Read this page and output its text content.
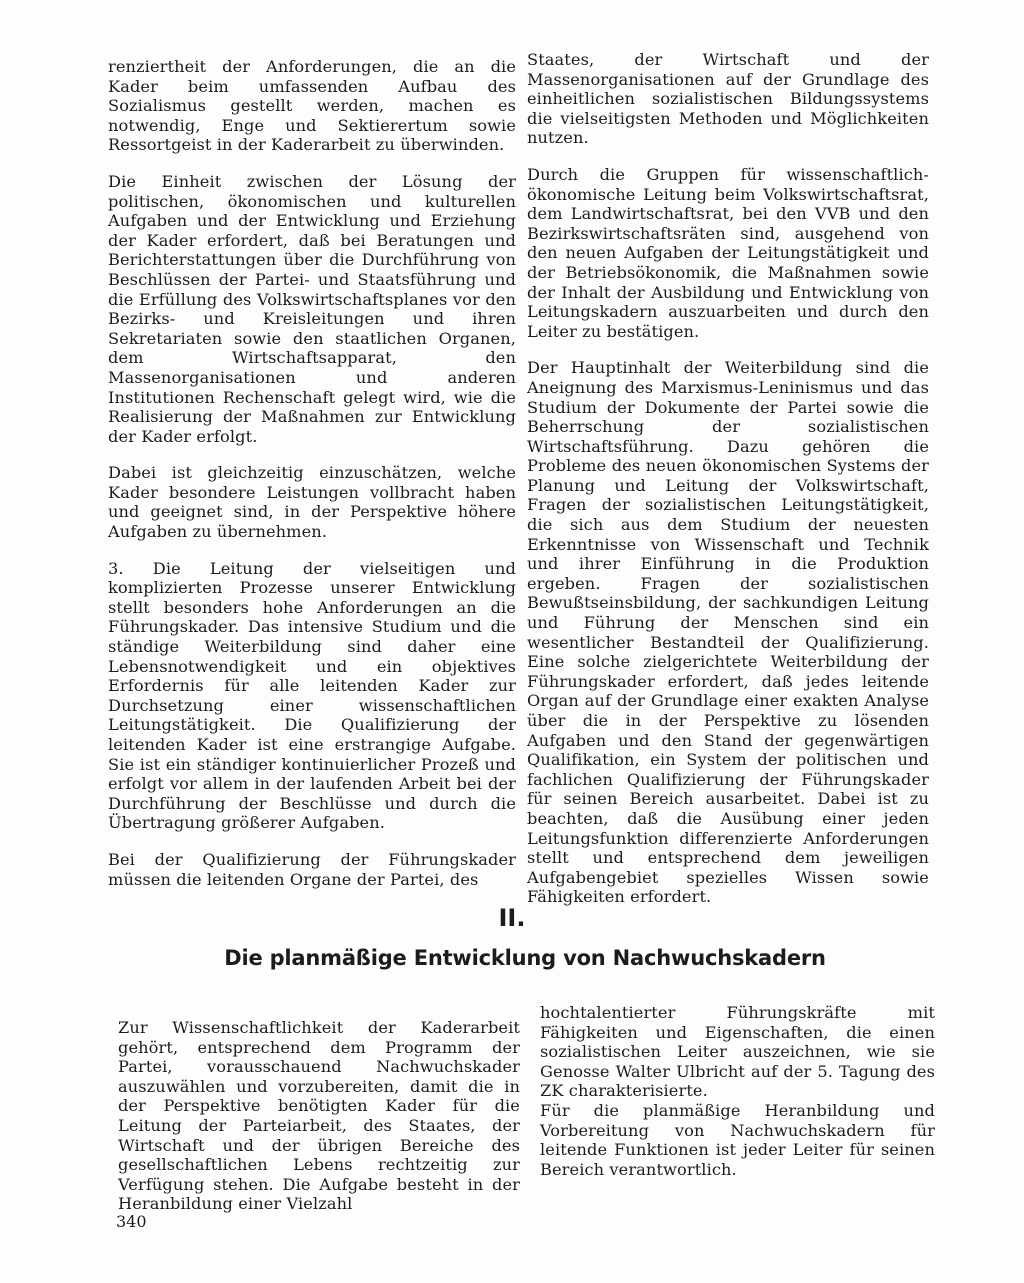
renziertheit der Anforderungen, die an die Kader beim umfassenden Aufbau des Sozialismus gestellt werden, machen es notwendig, Enge und Sektierertum sowie Ressortgeist in der Kaderarbeit zu überwinden.

Die Einheit zwischen der Lösung der politischen, ökonomischen und kulturellen Aufgaben und der Entwicklung und Erziehung der Kader erfordert, daß bei Beratungen und Berichterstattungen über die Durchführung von Beschlüssen der Partei- und Staatsführung und die Erfüllung des Volkswirtschaftsplanes vor den Bezirks- und Kreisleitungen und ihren Sekretariaten sowie den staatlichen Organen, dem Wirtschaftsapparat, den Massenorganisationen und anderen Institutionen Rechenschaft gelegt wird, wie die Realisierung der Maßnahmen zur Entwicklung der Kader erfolgt.

Dabei ist gleichzeitig einzuschätzen, welche Kader besondere Leistungen vollbracht haben und geeignet sind, in der Perspektive höhere Aufgaben zu übernehmen.

3. Die Leitung der vielseitigen und komplizierten Prozesse unserer Entwicklung stellt besonders hohe Anforderungen an die Führungskader. Das intensive Studium und die ständige Weiterbildung sind daher eine Lebensnotwendigkeit und ein objektives Erfordernis für alle leitenden Kader zur Durchsetzung einer wissenschaftlichen Leitungstätigkeit. Die Qualifizierung der leitenden Kader ist eine erstrangige Aufgabe. Sie ist ein ständiger kontinuierlicher Prozeß und erfolgt vor allem in der laufenden Arbeit bei der Durchführung der Beschlüsse und durch die Übertragung größerer Aufgaben.

Bei der Qualifizierung der Führungskader müssen die leitenden Organe der Partei, des

Staates, der Wirtschaft und der Massenorganisationen auf der Grundlage des einheitlichen sozialistischen Bildungssystems die vielseitigsten Methoden und Möglichkeiten nutzen.

Durch die Gruppen für wissenschaftlich-ökonomische Leitung beim Volkswirtschaftsrat, dem Landwirtschaftsrat, bei den VVB und den Bezirkswirtschaftsräten sind, ausgehend von den neuen Aufgaben der Leitungstätigkeit und der Betriebsökonomik, die Maßnahmen sowie der Inhalt der Ausbildung und Entwicklung von Leitungskadern auszuarbeiten und durch den Leiter zu bestätigen.

Der Hauptinhalt der Weiterbildung sind die Aneignung des Marxismus-Leninismus und das Studium der Dokumente der Partei sowie die Beherrschung der sozialistischen Wirtschaftsführung. Dazu gehören die Probleme des neuen ökonomischen Systems der Planung und Leitung der Volkswirtschaft, Fragen der sozialistischen Leitungstätigkeit, die sich aus dem Studium der neuesten Erkenntnisse von Wissenschaft und Technik und ihrer Einführung in die Produktion ergeben. Fragen der sozialistischen Bewußtseinsbildung, der sachkundigen Leitung und Führung der Menschen sind ein wesentlicher Bestandteil der Qualifizierung. Eine solche zielgerichtete Weiterbildung der Führungskader erfordert, daß jedes leitende Organ auf der Grundlage einer exakten Analyse über die in der Perspektive zu lösenden Aufgaben und den Stand der gegenwärtigen Qualifikation, ein System der politischen und fachlichen Qualifizierung der Führungskader für seinen Bereich ausarbeitet. Dabei ist zu beachten, daß die Ausübung einer jeden Leitungsfunktion differenzierte Anforderungen stellt und entsprechend dem jeweiligen Aufgabengebiet spezielles Wissen sowie Fähigkeiten erfordert.

II.
Die planmäßige Entwicklung von Nachwuchskadern

Zur Wissenschaftlichkeit der Kaderarbeit gehört, entsprechend dem Programm der Partei, vorausschauend Nachwuchskader auszuwählen und vorzubereiten, damit die in der Perspektive benötigten Kader für die Leitung der Parteiarbeit, des Staates, der Wirtschaft und der übrigen Bereiche des gesellschaftlichen Lebens rechtzeitig zur Verfügung stehen. Die Aufgabe besteht in der Heranbildung einer Vielzahl

hochtalentierter Führungskräfte mit Fähigkeiten und Eigenschaften, die einen sozialistischen Leiter auszeichnen, wie sie Genosse Walter Ulbricht auf der 5. Tagung des ZK charakterisierte.

Für die planmäßige Heranbildung und Vorbereitung von Nachwuchskadern für leitende Funktionen ist jeder Leiter für seinen Bereich verantwortlich.

340
